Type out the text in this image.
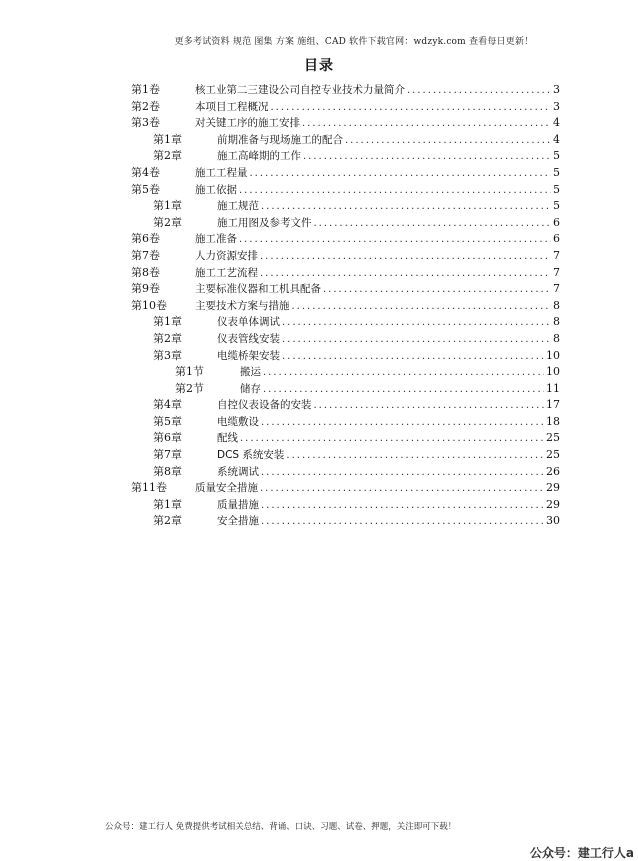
更多考试资料 规范 图集 方案 施组、CAD 软件下载官网：wdzyk.com 查看每日更新！
目录
第1卷	核工业第二三建设公司自控专业技术力量简介 .....	3
第2卷	本项目工程概况 .....	3
第3卷	对关键工序的施工安排 .....	4
第1章	前期准备与现场施工的配合 .....	4
第2章	施工高峰期的工作 .....	5
第4卷	施工工程量 .....	5
第5卷	施工依据 .....	5
第1章	施工规范 .....	5
第2章	施工用图及参考文件 .....	6
第6卷	施工准备 .....	6
第7卷	人力资源安排 .....	7
第8卷	施工工艺流程 .....	7
第9卷	主要标准仪器和工机具配备 .....	7
第10卷	主要技术方案与措施 .....	8
第1章	仪表单体调试 .....	8
第2章	仪表管线安装 .....	8
第3章	电缆桥架安装 .....	10
第1节	搬运 .....	10
第2节	储存 .....	11
第4章	自控仪表设备的安装 .....	17
第5章	电缆敷设 .....	18
第6章	配线 .....	25
第7章	DCS 系统安装 .....	25
第8章	系统调试 .....	26
第11卷	质量安全措施 .....	29
第1章	质量措施 .....	29
第2章	安全措施 .....	30
公众号：建工行人 免费提供考试相关总结、背诵、口诀、习题、试卷、押题，关注即可下载！
公众号：建工行人a
